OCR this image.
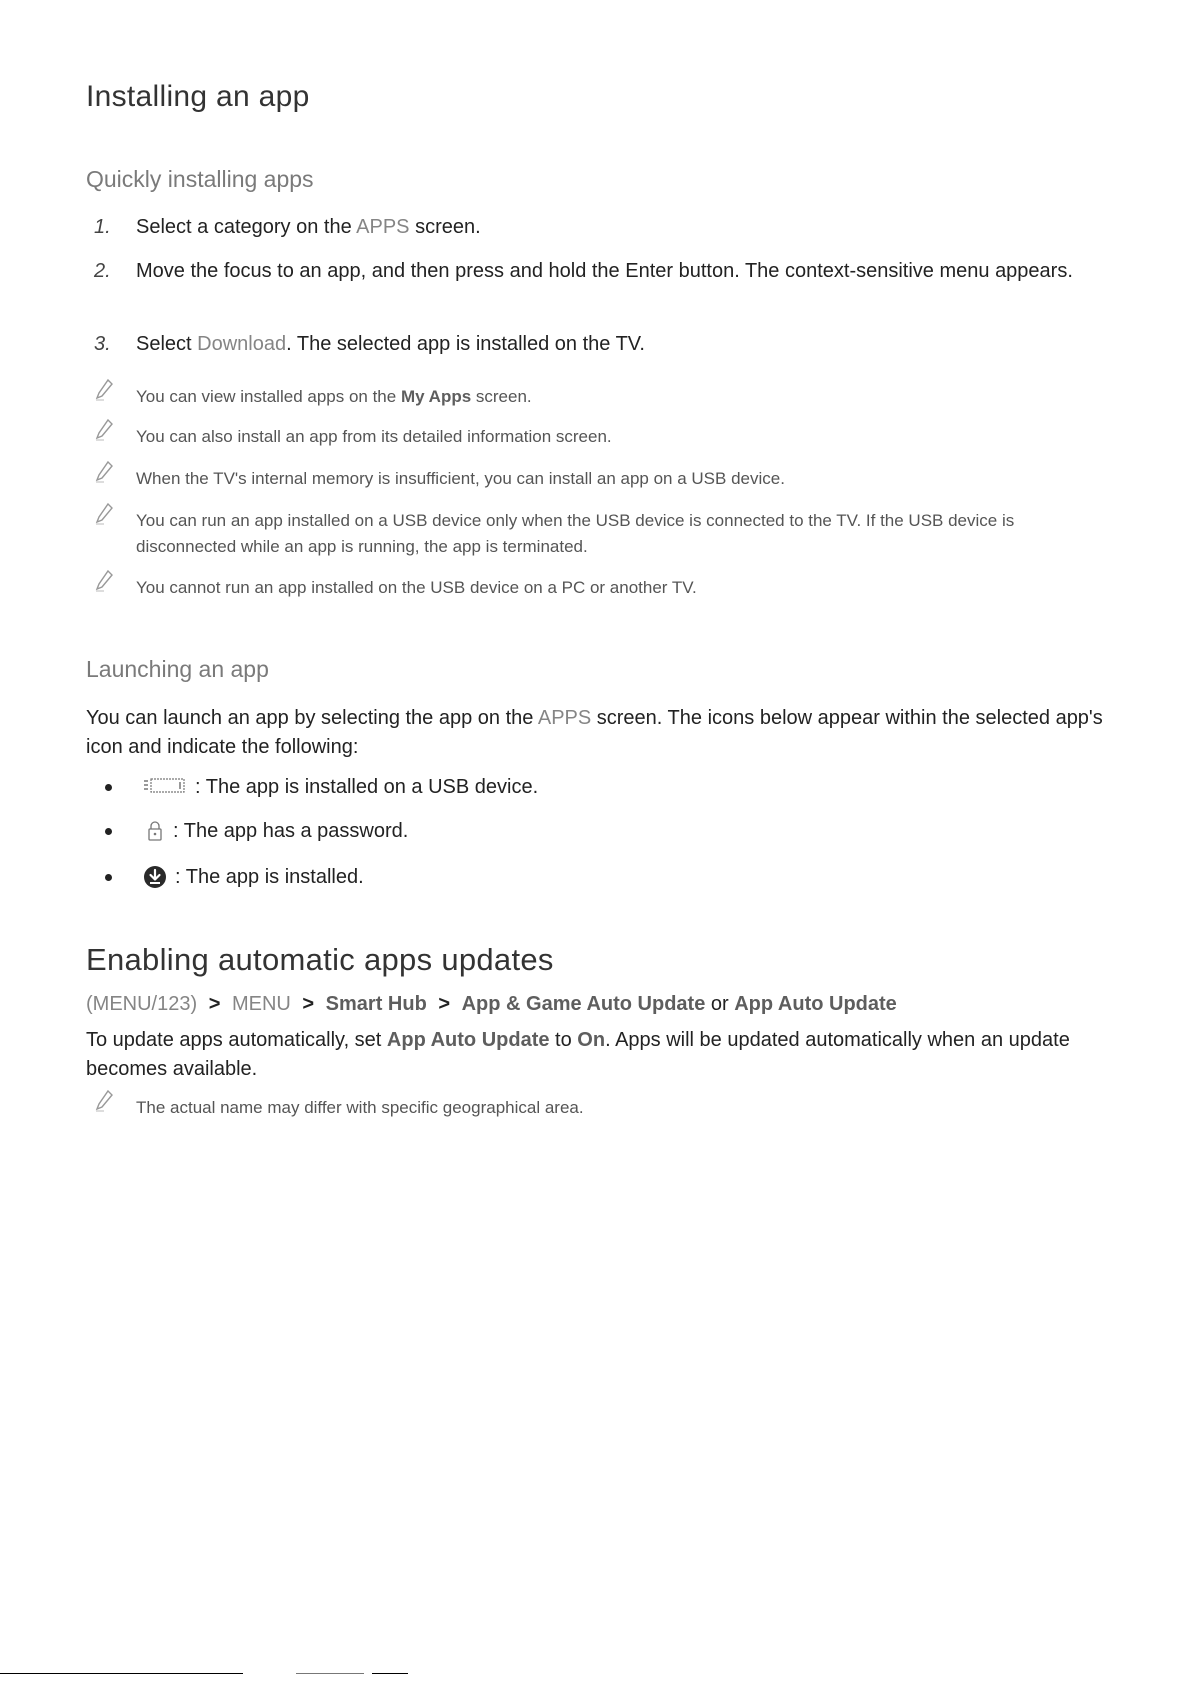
Installing an app
Quickly installing apps
1. Select a category on the APPS screen.
2. Move the focus to an app, and then press and hold the Enter button. The context-sensitive menu appears.
3. Select Download. The selected app is installed on the TV.
You can view installed apps on the My Apps screen.
You can also install an app from its detailed information screen.
When the TV's internal memory is insufficient, you can install an app on a USB device.
You can run an app installed on a USB device only when the USB device is connected to the TV. If the USB device is disconnected while an app is running, the app is terminated.
You cannot run an app installed on the USB device on a PC or another TV.
Launching an app
You can launch an app by selecting the app on the APPS screen. The icons below appear within the selected app's icon and indicate the following:
: The app is installed on a USB device.
: The app has a password.
: The app is installed.
Enabling automatic apps updates
(MENU/123) > MENU > Smart Hub > App & Game Auto Update or App Auto Update
To update apps automatically, set App Auto Update to On. Apps will be updated automatically when an update becomes available.
The actual name may differ with specific geographical area.
